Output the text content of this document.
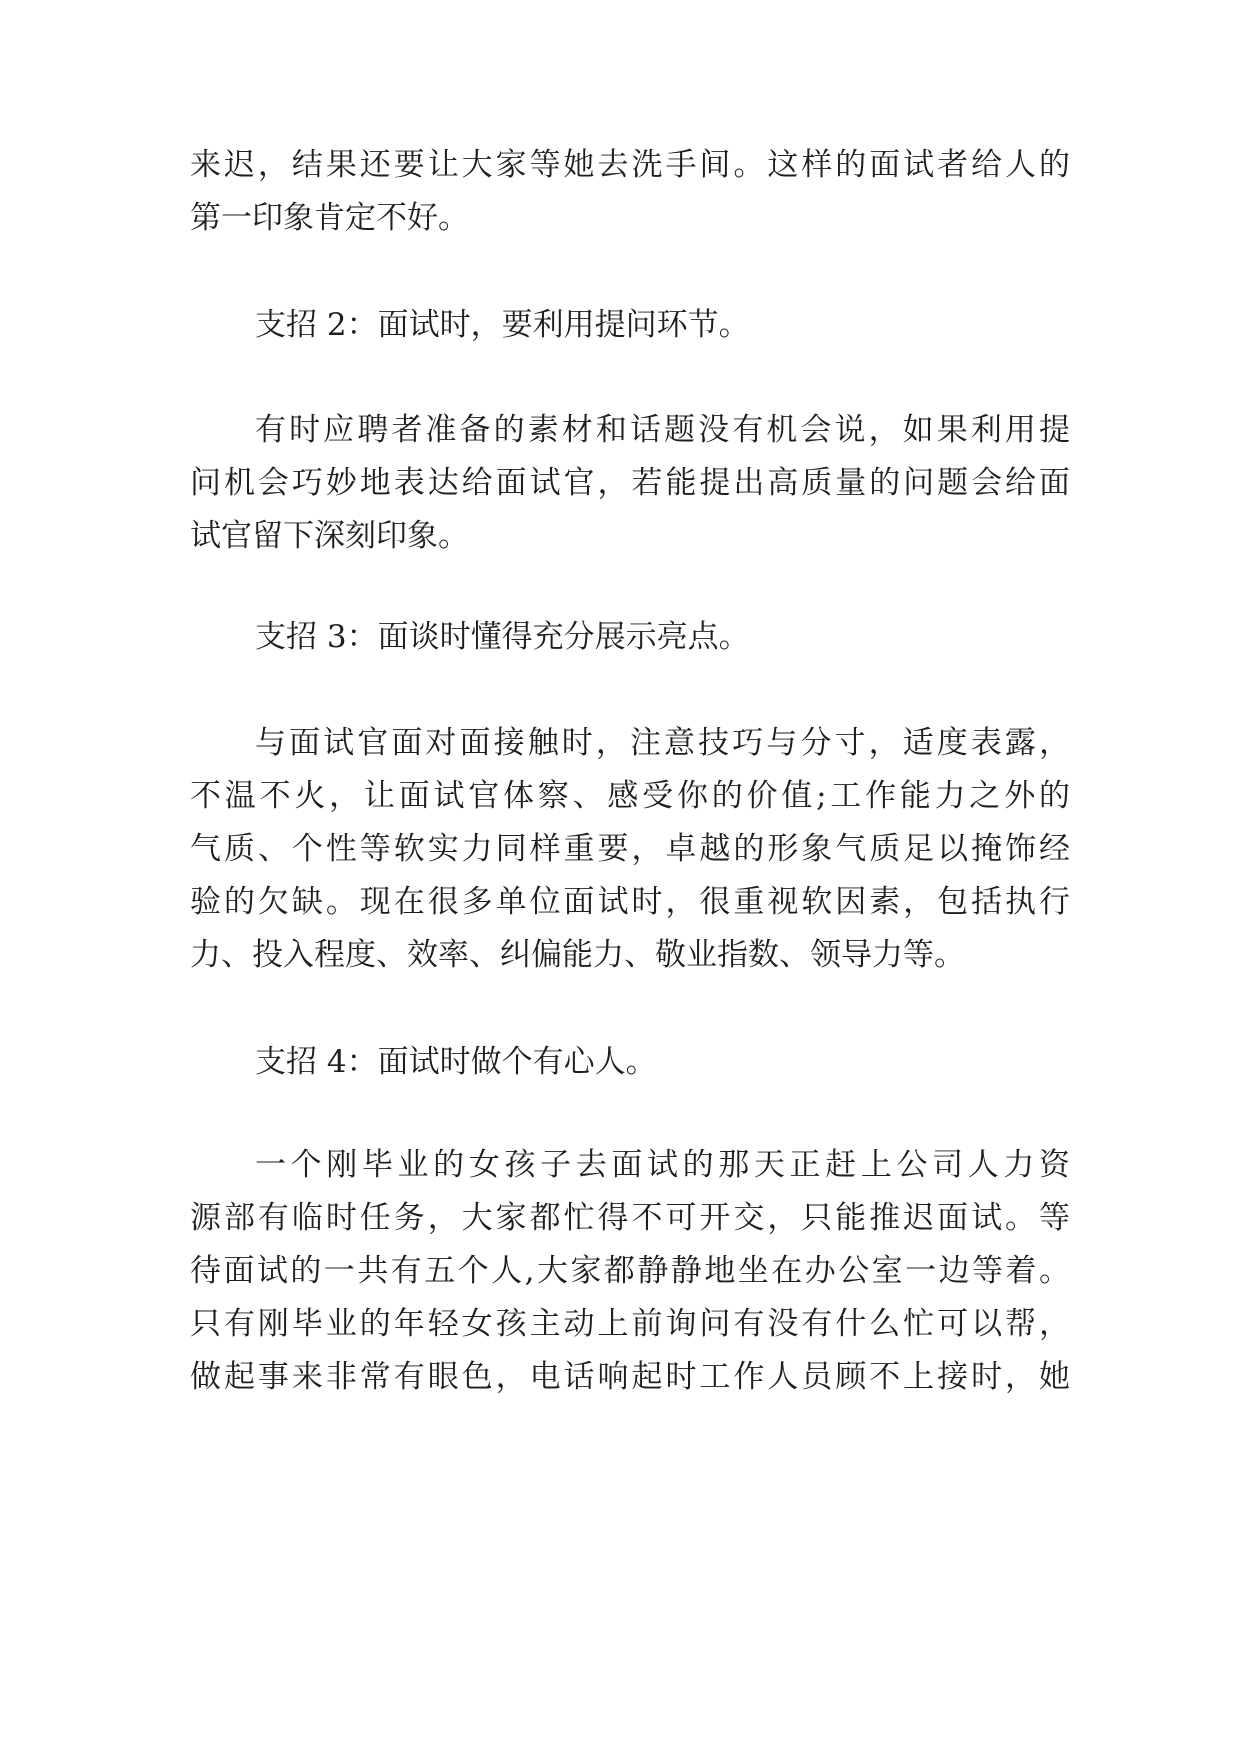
来迟，结果还要让大家等她去洗手间。这样的面试者给人的
第一印象肯定不好。
支招 2：面试时，要利用提问环节。
有时应聘者准备的素材和话题没有机会说，如果利用提
问机会巧妙地表达给面试官，若能提出高质量的问题会给面
试官留下深刻印象。
支招 3：面谈时懂得充分展示亮点。
与面试官面对面接触时，注意技巧与分寸，适度表露，
不温不火，让面试官体察、感受你的价值;工作能力之外的
气质、个性等软实力同样重要，卓越的形象气质足以掩饰经
验的欠缺。现在很多单位面试时，很重视软因素，包括执行
力、投入程度、效率、纠偏能力、敬业指数、领导力等。
支招 4：面试时做个有心人。
一个刚毕业的女孩子去面试的那天正赶上公司人力资
源部有临时任务，大家都忙得不可开交，只能推迟面试。等
待面试的一共有五个人,大家都静静地坐在办公室一边等着。
只有刚毕业的年轻女孩主动上前询问有没有什么忙可以帮，
做起事来非常有眼色，电话响起时工作人员顾不上接时，她
